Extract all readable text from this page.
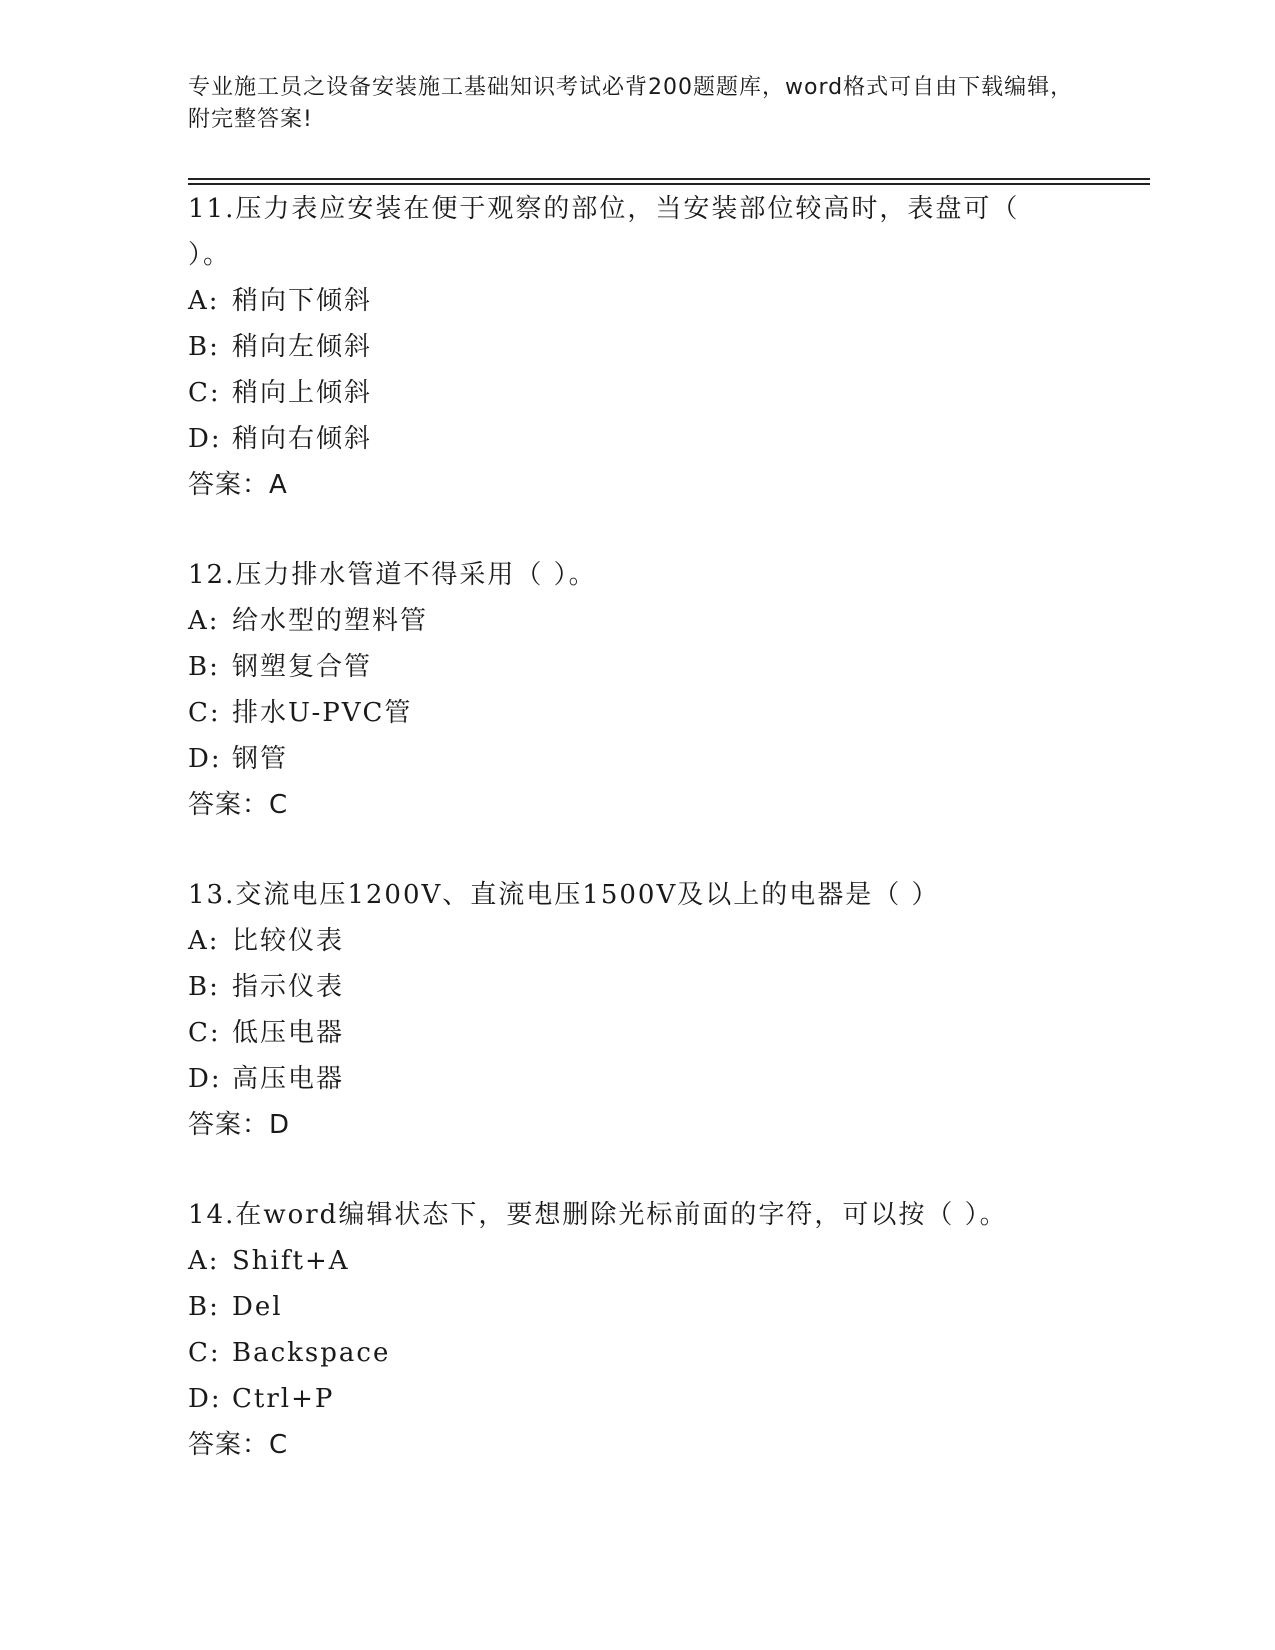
专业施工员之设备安装施工基础知识考试必背200题题库，word格式可自由下载编辑，附完整答案!
11.压力表应安装在便于观察的部位，当安装部位较高时，表盘可（ ）。
A: 稍向下倾斜
B: 稍向左倾斜
C: 稍向上倾斜
D: 稍向右倾斜
答案：A
12.压力排水管道不得采用（ ）。
A: 给水型的塑料管
B: 钢塑复合管
C: 排水U-PVC管
D: 钢管
答案：C
13.交流电压1200V、直流电压1500V及以上的电器是（ ）
A: 比较仪表
B: 指示仪表
C: 低压电器
D: 高压电器
答案：D
14.在word编辑状态下，要想删除光标前面的字符，可以按（ ）。
A: Shift+A
B: Del
C: Backspace
D: Ctrl+P
答案：C
